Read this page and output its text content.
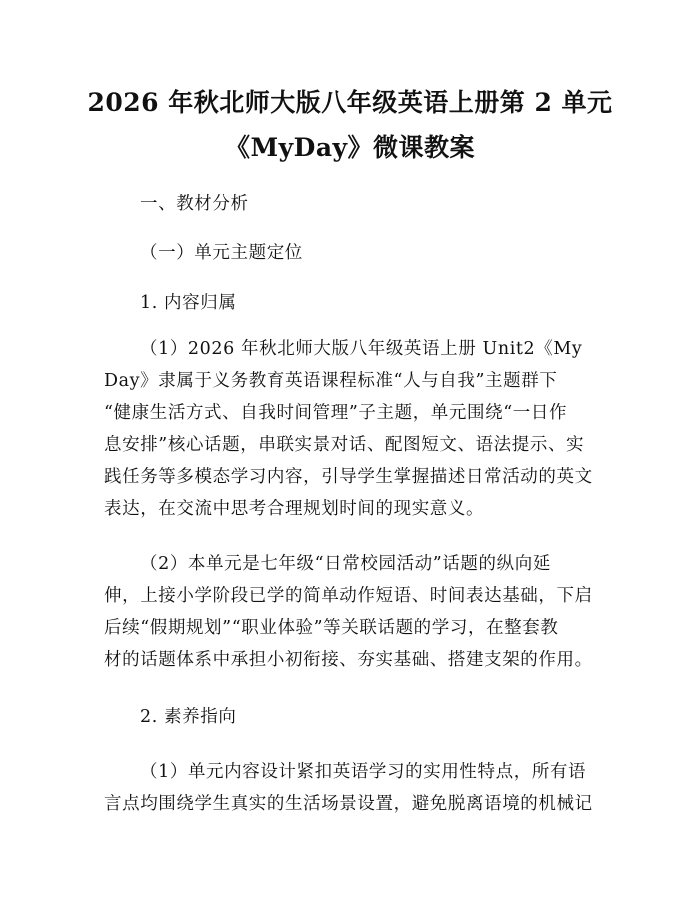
2026 年秋北师大版八年级英语上册第 2 单元
《MyDay》微课教案
一、教材分析
（一）单元主题定位
1. 内容归属
（1）2026 年秋北师大版八年级英语上册 Unit2《My
Day》隶属于义务教育英语课程标准“人与自我”主题群下
“健康生活方式、自我时间管理”子主题，单元围绕“一日作
息安排”核心话题，串联实景对话、配图短文、语法提示、实
践任务等多模态学习内容，引导学生掌握描述日常活动的英文
表达，在交流中思考合理规划时间的现实意义。
（2）本单元是七年级“日常校园活动”话题的纵向延
伸，上接小学阶段已学的简单动作短语、时间表达基础，下启
后续“假期规划”“职业体验”等关联话题的学习，在整套教
材的话题体系中承担小初衔接、夯实基础、搭建支架的作用。
2. 素养指向
（1）单元内容设计紧扣英语学习的实用性特点，所有语
言点均围绕学生真实的生活场景设置，避免脱离语境的机械记
